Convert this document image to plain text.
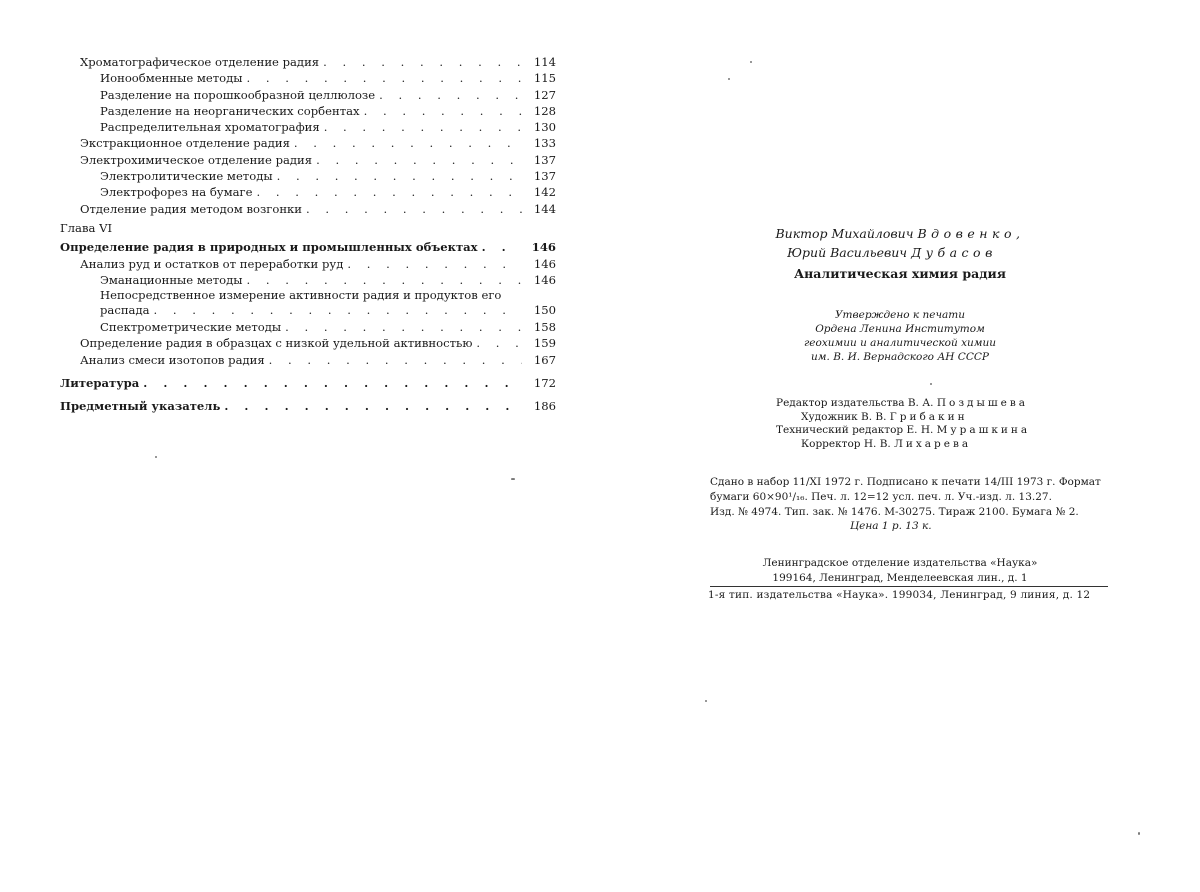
Хроматографическое отделение радия . . .	114
Ионообменные методы . . .	115
Разделение на порошкообразной целлюлозе . . .	127
Разделение на неорганических сорбентах . . .	128
Распределительная хроматография . . .	130
Экстракционное отделение радия . . .	133
Электрохимическое отделение радия . . .	137
Электролитические методы . . .	137
Электрофорез на бумаге . . .	142
Отделение радия методом возгонки . . .	144
Глава VI
Определение радия в природных и промышленных объектах . . .	146
Анализ руд и остатков от переработки руд . . .	146
Эманационные методы . . .	146
Непосредственное измерение активности радия и продуктов его
распада . . .	150
Спектрометрические методы . . .	158
Определение радия в образцах с низкой удельной активностью . . .	159
Анализ смеси изотопов радия . . .	167
Литература . . .	172
Предметный указатель . . .	186
Виктор Михайлович Вдовенко,
Юрий Васильевич Дубасов
Аналитическая химия радия
Утверждено к печати
Ордена Ленина Институтом
геохимии и аналитической химии
им. В. И. Вернадского АН СССР
Редактор издательства В. А. Поздышева
Художник В. В. Грибакин
Технический редактор Е. Н. Мурашкина
Корректор Н. В. Лихарева
Сдано в набор 11/XI 1972 г. Подписано к печати 14/III 1973 г. Формат
бумаги 60×90¹/₁₆. Печ. л. 12=12 усл. печ. л. Уч.-изд. л. 13.27.
Изд. № 4974. Тип. зак. № 1476. М-30275. Тираж 2100. Бумага № 2.
Цена 1 р. 13 к.
Ленинградское отделение издательства «Наука»
199164, Ленинград, Менделеевская лин., д. 1
1-я тип. издательства «Наука». 199034, Ленинград, 9 линия, д. 12
